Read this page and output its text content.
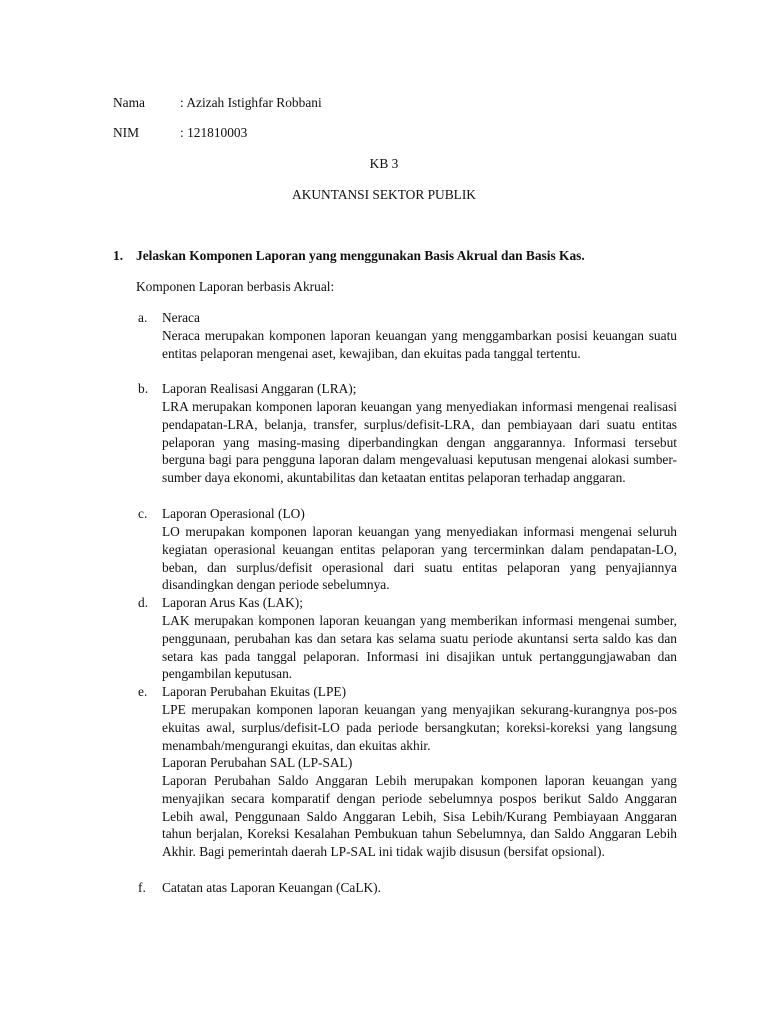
Nama	: Azizah Istighfar Robbani
NIM	: 121810003
KB 3
AKUNTANSI SEKTOR PUBLIK
1. Jelaskan Komponen Laporan yang menggunakan Basis Akrual dan Basis Kas.
Komponen Laporan berbasis Akrual:
a. Neraca
Neraca merupakan komponen laporan keuangan yang menggambarkan posisi keuangan suatu entitas pelaporan mengenai aset, kewajiban, dan ekuitas pada tanggal tertentu.
b. Laporan Realisasi Anggaran (LRA);
LRA merupakan komponen laporan keuangan yang menyediakan informasi mengenai realisasi pendapatan-LRA, belanja, transfer, surplus/defisit-LRA, dan pembiayaan dari suatu entitas pelaporan yang masing-masing diperbandingkan dengan anggarannya. Informasi tersebut berguna bagi para pengguna laporan dalam mengevaluasi keputusan mengenai alokasi sumber-sumber daya ekonomi, akuntabilitas dan ketaatan entitas pelaporan terhadap anggaran.
c. Laporan Operasional (LO)
LO merupakan komponen laporan keuangan yang menyediakan informasi mengenai seluruh kegiatan operasional keuangan entitas pelaporan yang tercerminkan dalam pendapatan-LO, beban, dan surplus/defisit operasional dari suatu entitas pelaporan yang penyajiannya disandingkan dengan periode sebelumnya.
d. Laporan Arus Kas (LAK);
LAK merupakan komponen laporan keuangan yang memberikan informasi mengenai sumber, penggunaan, perubahan kas dan setara kas selama suatu periode akuntansi serta saldo kas dan setara kas pada tanggal pelaporan. Informasi ini disajikan untuk pertanggungjawaban dan pengambilan keputusan.
e. Laporan Perubahan Ekuitas (LPE)
LPE merupakan komponen laporan keuangan yang menyajikan sekurang-kurangnya pos-pos ekuitas awal, surplus/defisit-LO pada periode bersangkutan; koreksi-koreksi yang langsung menambah/mengurangi ekuitas, dan ekuitas akhir.
Laporan Perubahan SAL (LP-SAL)
Laporan Perubahan Saldo Anggaran Lebih merupakan komponen laporan keuangan yang menyajikan secara komparatif dengan periode sebelumnya pospos berikut Saldo Anggaran Lebih awal, Penggunaan Saldo Anggaran Lebih, Sisa Lebih/Kurang Pembiayaan Anggaran tahun berjalan, Koreksi Kesalahan Pembukuan tahun Sebelumnya, dan Saldo Anggaran Lebih Akhir. Bagi pemerintah daerah LP-SAL ini tidak wajib disusun (bersifat opsional).
f. Catatan atas Laporan Keuangan (CaLK).
